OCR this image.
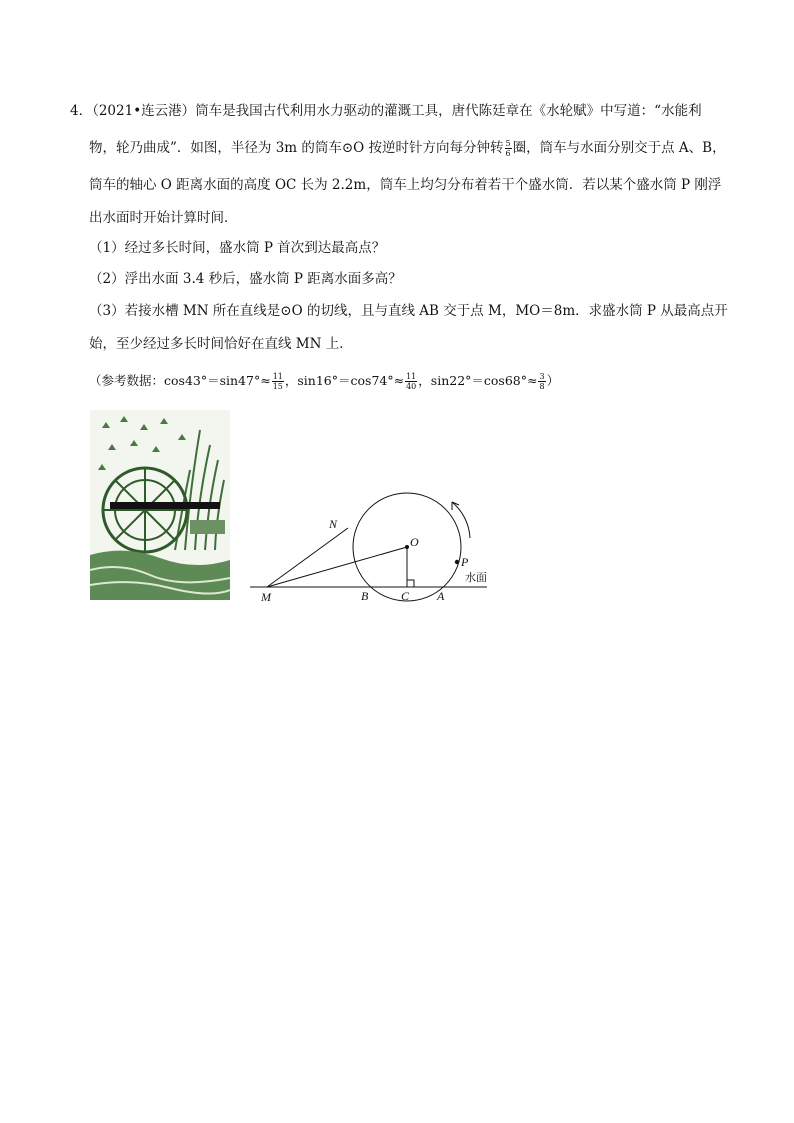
4．（2021•连云港）筒车是我国古代利用水力驱动的灌溉工具，唐代陈廷章在《水轮赋》中写道：“水能利
物，轮乃曲成”．如图，半径为 3m 的筒车⊙O 按逆时针方向每分钟转 $\frac{5}{6}$ 圈，筒车与水面分别交于点 A、B，
筒车的轴心 O 距离水面的高度 OC 长为 2.2m，筒车上均匀分布着若干个盛水筒．若以某个盛水筒 P 刚浮
出水面时开始计算时间．
（1）经过多长时间，盛水筒 P 首次到达最高点？
（2）浮出水面 3.4 秒后，盛水筒 P 距离水面多高？
（3）若接水槽 MN 所在直线是⊙O 的切线，且与直线 AB 交于点 M，MO＝8m．求盛水筒 P 从最高点开
始，至少经过多长时间恰好在直线 MN 上．
（参考数据：$\cos 43^\circ=\sin 47^\circ\approx \frac{11}{15}$ ，$\sin 16^\circ=\cos 74^\circ\approx \frac{11}{40}$ ，$\sin 22^\circ=\cos 68^\circ\approx \frac{3}{8}$ ）
N
O
P
M	B	C A
水面
